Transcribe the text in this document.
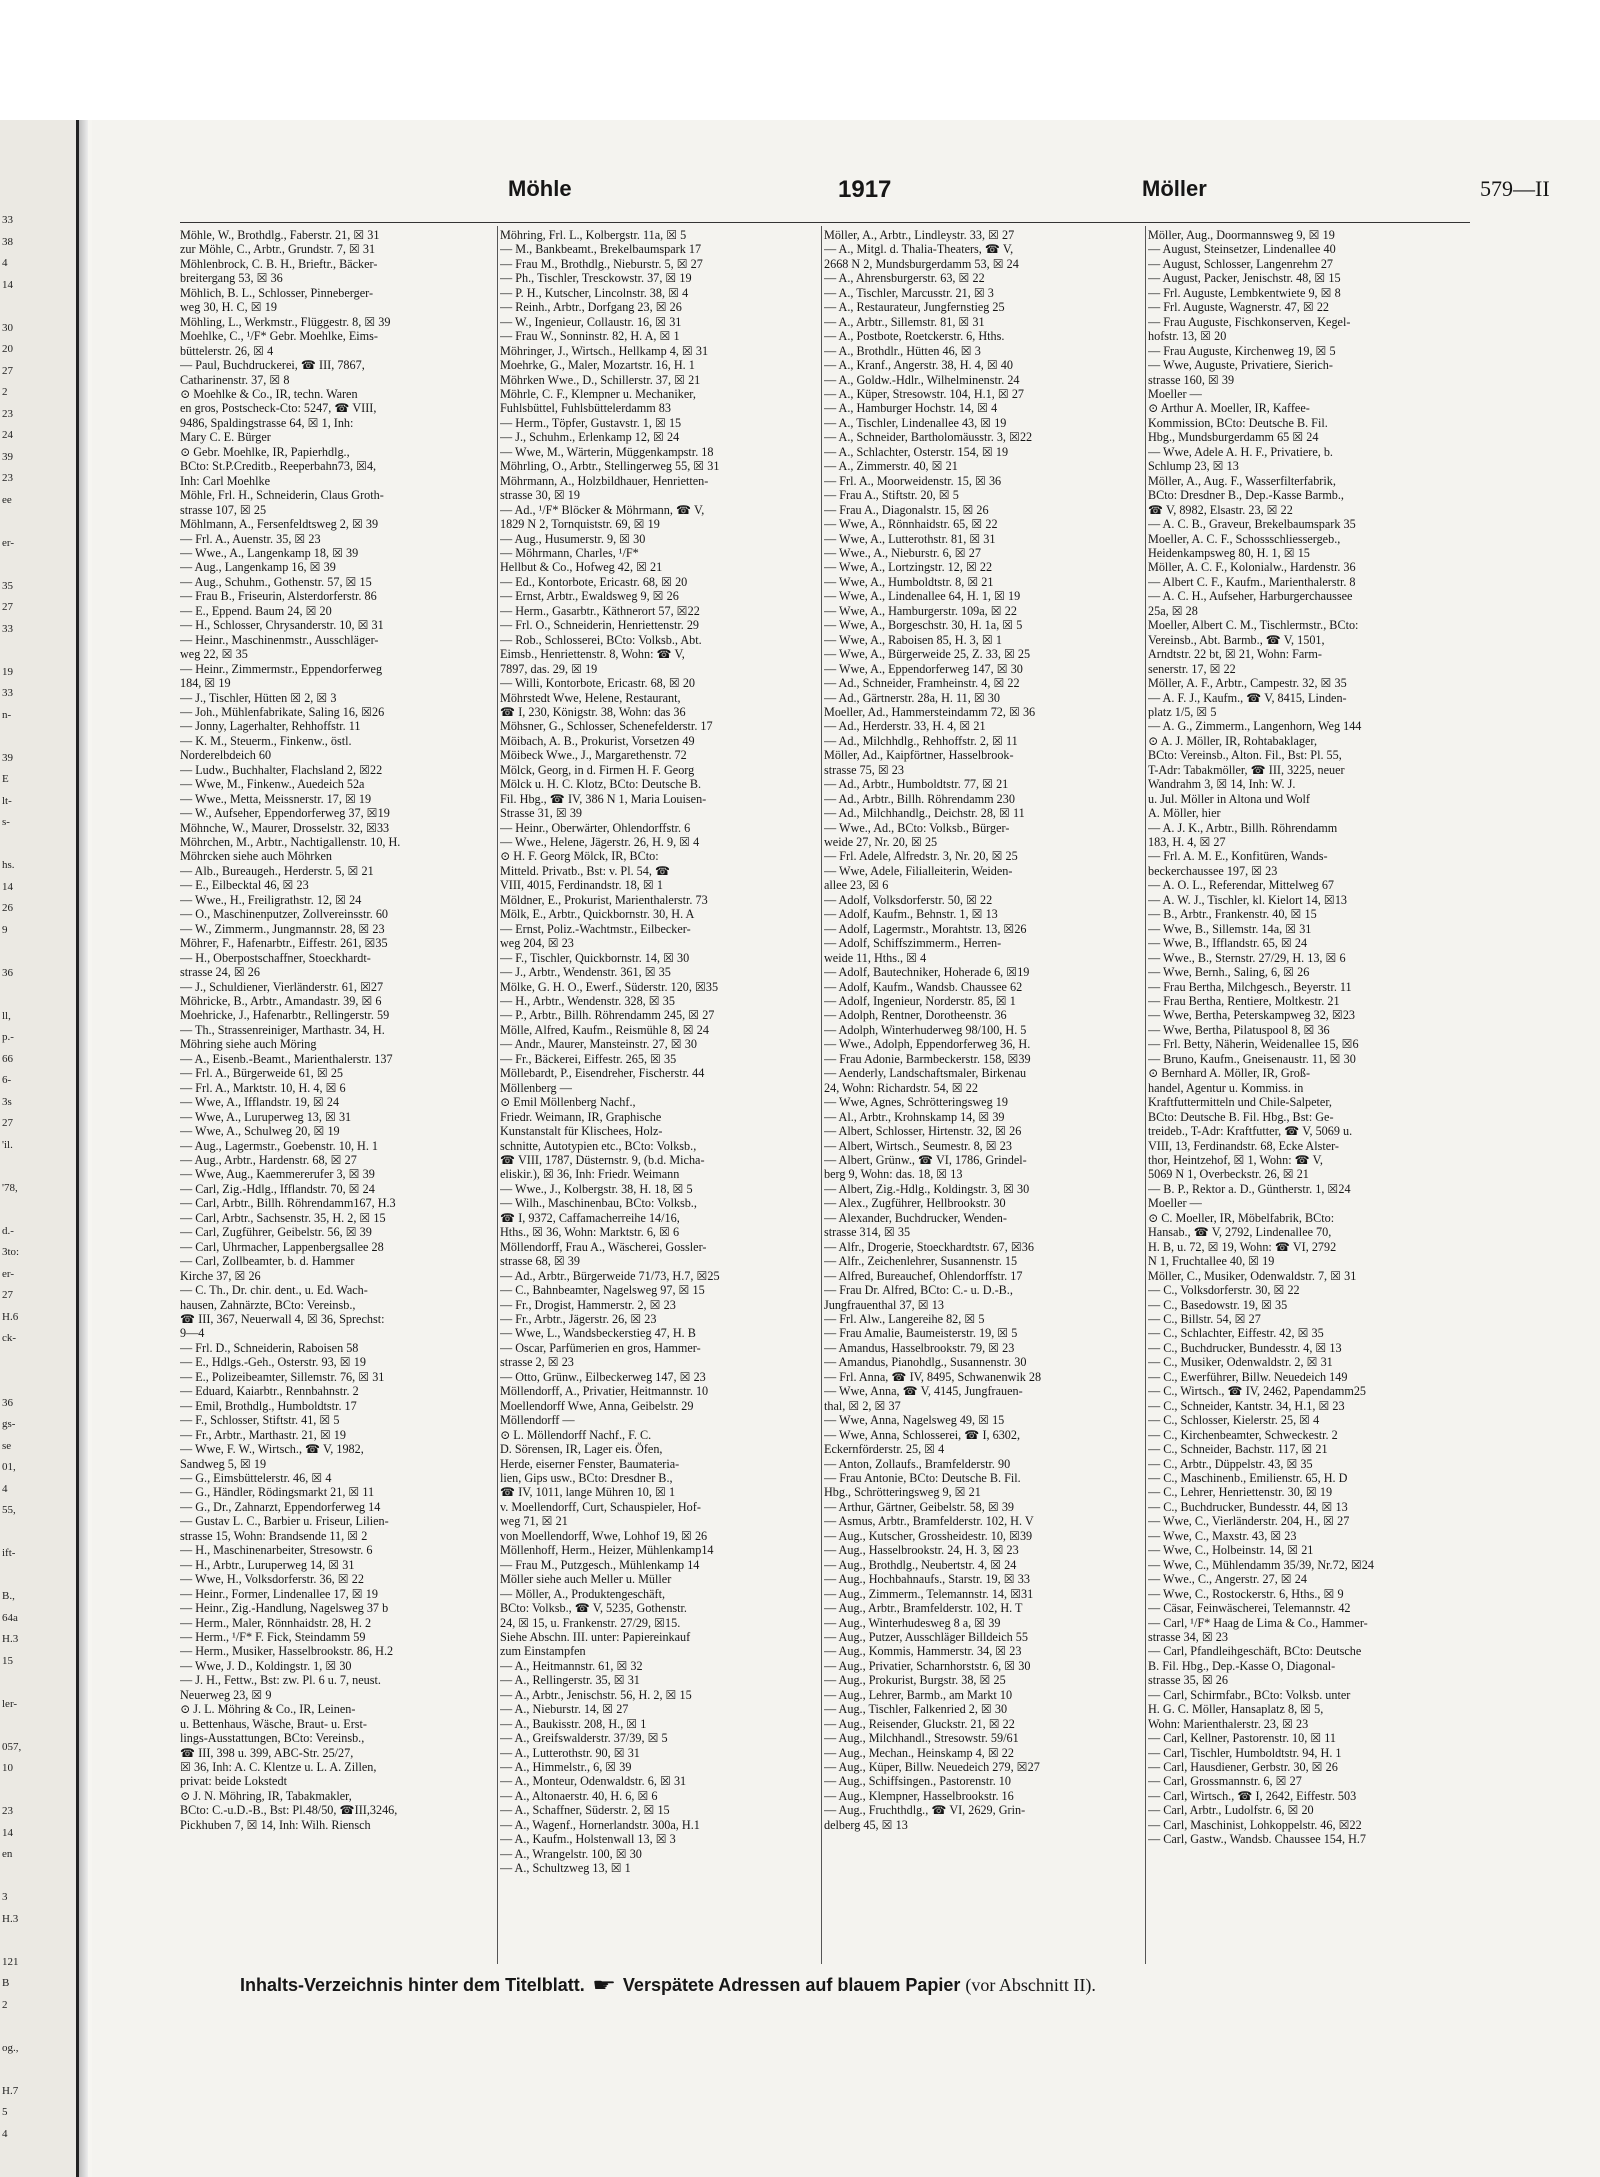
33
38
4
14

30
20
27
2
23
24
39
23
ee

er-

35
27
33

19
33
n-

39
E
lt-
s-

hs.
14
26
9

36

ll,
p.-
66
6-
3s
27
'il.

'78,

d.-
3to:
er-
27
H.6
ck-

36
gs-
se
01,
4
55,

ift-

B.,
64a
H.3
15

ler-

057,
10

23
14
en

3
H.3

121
B
2

og.,

H.7
5
4
Möhle	1917	Möller	579—II
Möhle, W., Brothdlg., Faberstr. 21, ☒ 31
zur Möhle, C., Arbtr., Grundstr. 7, ☒ 31
Möhlenbrock, C. B. H., Brieftr., Bäcker-
breitergang 53, ☒ 36
Möhlich, B. L., Schlosser, Pinneberger-
weg 30, H. C, ☒ 19
Möhling, L., Werkmstr., Flüggestr. 8, ☒ 39
Moehlke, C., ¹/F* Gebr. Moehlke, Eims-
büttelerstr. 26, ☒ 4
— Paul, Buchdruckerei, ☎ III, 7867,
Catharinenstr. 37, ☒ 8
⊙ Moehlke & Co., IR, techn. Waren
en gros, Postscheck-Cto: 5247, ☎ VIII,
9486, Spaldingstrasse 64, ☒ 1, Inh:
Mary C. E. Bürger
⊙ Gebr. Moehlke, IR, Papierhdlg.,
BCto: St.P.Creditb., Reeperbahn73, ☒4,
Inh: Carl Moehlke
Möhle, Frl. H., Schneiderin, Claus Groth-
strasse 107, ☒ 25
Möhlmann, A., Fersenfeldtsweg 2, ☒ 39
— Frl. A., Auenstr. 35, ☒ 23
— Wwe., A., Langenkamp 18, ☒ 39
— Aug., Langenkamp 16, ☒ 39
— Aug., Schuhm., Gothenstr. 57, ☒ 15
— Frau B., Friseurin, Alsterdorferstr. 86
— E., Eppend. Baum 24, ☒ 20
— H., Schlosser, Chrysanderstr. 10, ☒ 31
— Heinr., Maschinenmstr., Ausschläger-
weg 22, ☒ 35
— Heinr., Zimmermstr., Eppendorferweg
184, ☒ 19
— J., Tischler, Hütten ☒ 2, ☒ 3
— Joh., Mühlenfabrikate, Saling 16, ☒26
— Jonny, Lagerhalter, Rehhoffstr. 11
— K. M., Steuerm., Finkenw., östl.
Norderelbdeich 60
— Ludw., Buchhalter, Flachsland 2, ☒22
— Wwe, M., Finkenw., Auedeich 52a
— Wwe., Metta, Meissnerstr. 17, ☒ 19
— W., Aufseher, Eppendorferweg 37, ☒19
Möhnche, W., Maurer, Drosselstr. 32, ☒33
Möhrchen, M., Arbtr., Nachtigallenstr. 10, H.
Möhrcken siehe auch Möhrken
— Alb., Bureaugeh., Herderstr. 5, ☒ 21
— E., Eilbecktal 46, ☒ 23
— Wwe., H., Freiligrathstr. 12, ☒ 24
— O., Maschinenputzer, Zollvereinsstr. 60
— W., Zimmerm., Jungmannstr. 28, ☒ 23
Möhrer, F., Hafenarbtr., Eiffestr. 261, ☒35
— H., Oberpostschaffner, Stoeckhardt-
strasse 24, ☒ 26
— J., Schuldiener, Vierländerstr. 61, ☒27
Möhricke, B., Arbtr., Amandastr. 39, ☒ 6
Moehricke, J., Hafenarbtr., Rellingerstr. 59
— Th., Strassenreiniger, Marthastr. 34, H.
Möhring siehe auch Möring
— A., Eisenb.-Beamt., Marienthalerstr. 137
— Frl. A., Bürgerweide 61, ☒ 25
— Frl. A., Marktstr. 10, H. 4, ☒ 6
— Wwe, A., Ifflandstr. 19, ☒ 24
— Wwe, A., Luruperweg 13, ☒ 31
— Wwe, A., Schulweg 20, ☒ 19
— Aug., Lagermstr., Goebenstr. 10, H. 1
— Aug., Arbtr., Hardenstr. 68, ☒ 27
— Wwe, Aug., Kaemmererufer 3, ☒ 39
— Carl, Zig.-Hdlg., Ifflandstr. 70, ☒ 24
— Carl, Arbtr., Billh. Röhrendamm167, H.3
— Carl, Arbtr., Sachsenstr. 35, H. 2, ☒ 15
— Carl, Zugführer, Geibelstr. 56, ☒ 39
— Carl, Uhrmacher, Lappenbergsallee 28
— Carl, Zollbeamter, b. d. Hammer
Kirche 37, ☒ 26
— C. Th., Dr. chir. dent., u. Ed. Wach-
hausen, Zahnärzte, BCto: Vereinsb.,
☎ III, 367, Neuerwall 4, ☒ 36, Sprechst:
9—4
— Frl. D., Schneiderin, Raboisen 58
— E., Hdlgs.-Geh., Osterstr. 93, ☒ 19
— E., Polizeibeamter, Sillemstr. 76, ☒ 31
— Eduard, Kaiarbtr., Rennbahnstr. 2
— Emil, Brothdlg., Humboldtstr. 17
— F., Schlosser, Stiftstr. 41, ☒ 5
— Fr., Arbtr., Marthastr. 21, ☒ 19
— Wwe, F. W., Wirtsch., ☎ V, 1982,
Sandweg 5, ☒ 19
— G., Eimsbüttelerstr. 46, ☒ 4
— G., Händler, Rödingsmarkt 21, ☒ 11
— G., Dr., Zahnarzt, Eppendorferweg 14
— Gustav L. C., Barbier u. Friseur, Lilien-
strasse 15, Wohn: Brandsende 11, ☒ 2
— H., Maschinenarbeiter, Stresowstr. 6
— H., Arbtr., Luruperweg 14, ☒ 31
— Wwe, H., Volksdorferstr. 36, ☒ 22
— Heinr., Former, Lindenallee 17, ☒ 19
— Heinr., Zig.-Handlung, Nagelsweg 37 b
— Herm., Maler, Rönnhaidstr. 28, H. 2
— Herm., ¹/F* F. Fick, Steindamm 59
— Herm., Musiker, Hasselbrookstr. 86, H.2
— Wwe, J. D., Koldingstr. 1, ☒ 30
— J. H., Fettw., Bst: zw. Pl. 6 u. 7, neust.
Neuerweg 23, ☒ 9
⊙ J. L. Möhring & Co., IR, Leinen-
u. Bettenhaus, Wäsche, Braut- u. Erst-
lings-Ausstattungen, BCto: Vereinsb.,
☎ III, 398 u. 399, ABC-Str. 25/27,
☒ 36, Inh: A. C. Klentze u. L. A. Zillen,
privat: beide Lokstedt
⊙ J. N. Möhring, IR, Tabakmakler,
BCto: C.-u.D.-B., Bst: Pl.48/50, ☎III,3246,
Pickhuben 7, ☒ 14, Inh: Wilh. Riensch
Möhring, Frl. L., Kolbergstr. 11a, ☒ 5
— M., Bankbeamt., Brekelbaumspark 17
— Frau M., Brothdlg., Nieburstr. 5, ☒ 27
— Ph., Tischler, Tresckowstr. 37, ☒ 19
— P. H., Kutscher, Lincolnstr. 38, ☒ 4
— Reinh., Arbtr., Dorfgang 23, ☒ 26
— W., Ingenieur, Collaustr. 16, ☒ 31
— Frau W., Sonninstr. 82, H. A, ☒ 1
Möhringer, J., Wirtsch., Hellkamp 4, ☒ 31
Moehrke, G., Maler, Mozartstr. 16, H. 1
Möhrken Wwe., D., Schillerstr. 37, ☒ 21
Möhrle, C. F., Klempner u. Mechaniker,
Fuhlsbüttel, Fuhlsbüttelerdamm 83
— Herm., Töpfer, Gustavstr. 1, ☒ 15
— J., Schuhm., Erlenkamp 12, ☒ 24
— Wwe, M., Wärterin, Müggenkampstr. 18
Möhrling, O., Arbtr., Stellingerweg 55, ☒ 31
Möhrmann, A., Holzbildhauer, Henrietten-
strasse 30, ☒ 19
— Ad., ¹/F* Blöcker & Möhrmann, ☎ V,
1829 N 2, Tornquiststr. 69, ☒ 19
— Aug., Husumerstr. 9, ☒ 30
— Möhrmann, Charles, ¹/F*
Hellbut & Co., Hofweg 42, ☒ 21
— Ed., Kontorbote, Ericastr. 68, ☒ 20
— Ernst, Arbtr., Ewaldsweg 9, ☒ 26
— Herm., Gasarbtr., Käthnerort 57, ☒22
— Frl. O., Schneiderin, Henriettenstr. 29
— Rob., Schlosserei, BCto: Volksb., Abt.
Eimsb., Henriettenstr. 8, Wohn: ☎ V,
7897, das. 29, ☒ 19
— Willi, Kontorbote, Ericastr. 68, ☒ 20
Möhrstedt Wwe, Helene, Restaurant,
☎ I, 230, Königstr. 38, Wohn: das 36
Möhsner, G., Schlosser, Schenefelderstr. 17
Möibach, A. B., Prokurist, Vorsetzen 49
Möibeck Wwe., J., Margarethenstr. 72
Mölck, Georg, in d. Firmen H. F. Georg
Mölck u. H. C. Klotz, BCto: Deutsche B.
Fil. Hbg., ☎ IV, 386 N 1, Maria Louisen-
Strasse 31, ☒ 39
— Heinr., Oberwärter, Ohlendorffstr. 6
— Wwe., Helene, Jägerstr. 26, H. 9, ☒ 4
⊙ H. F. Georg Mölck, IR, BCto:
Mitteld. Privatb., Bst: v. Pl. 54, ☎
VIII, 4015, Ferdinandstr. 18, ☒ 1
Möldner, E., Prokurist, Marienthalerstr. 73
Mölk, E., Arbtr., Quickbornstr. 30, H. A
— Ernst, Poliz.-Wachtmstr., Eilbecker-
weg 204, ☒ 23
— F., Tischler, Quickbornstr. 14, ☒ 30
— J., Arbtr., Wendenstr. 361, ☒ 35
Mölke, G. H. O., Ewerf., Süderstr. 120, ☒35
— H., Arbtr., Wendenstr. 328, ☒ 35
— P., Arbtr., Billh. Röhrendamm 245, ☒ 27
Mölle, Alfred, Kaufm., Reismühle 8, ☒ 24
— Andr., Maurer, Mansteinstr. 27, ☒ 30
— Fr., Bäckerei, Eiffestr. 265, ☒ 35
Möllebardt, P., Eisendreher, Fischerstr. 44
Möllenberg —
⊙ Emil Möllenberg Nachf.,
Friedr. Weimann, IR, Graphische
Kunstanstalt für Klischees, Holz-
schnitte, Autotypien etc., BCto: Volksb.,
☎ VIII, 1787, Düsternstr. 9, (b.d. Micha-
eliskir.), ☒ 36, Inh: Friedr. Weimann
— Wwe., J., Kolbergstr. 38, H. 18, ☒ 5
— Wilh., Maschinenbau, BCto: Volksb.,
☎ I, 9372, Caffamacherreihe 14/16,
Hths., ☒ 36, Wohn: Marktstr. 6, ☒ 6
Möllendorff, Frau A., Wäscherei, Gossler-
strasse 68, ☒ 39
— Ad., Arbtr., Bürgerweide 71/73, H.7, ☒25
— C., Bahnbeamter, Nagelsweg 97, ☒ 15
— Fr., Drogist, Hammerstr. 2, ☒ 23
— Fr., Arbtr., Jägerstr. 26, ☒ 23
— Wwe, L., Wandsbeckerstieg 47, H. B
— Oscar, Parfümerien en gros, Hammer-
strasse 2, ☒ 23
— Otto, Grünw., Eilbeckerweg 147, ☒ 23
Möllendorff, A., Privatier, Heitmannstr. 10
Moellendorff Wwe, Anna, Geibelstr. 29
Möllendorff —
⊙ L. Möllendorff Nachf., F. C.
D. Sörensen, IR, Lager eis. Öfen,
Herde, eiserner Fenster, Baumateria-
lien, Gips usw., BCto: Dresdner B.,
☎ IV, 1011, lange Mühren 10, ☒ 1
v. Moellendorff, Curt, Schauspieler, Hof-
weg 71, ☒ 21
von Moellendorff, Wwe, Lohhof 19, ☒ 26
Möllenhoff, Herm., Heizer, Mühlenkamp14
— Frau M., Putzgesch., Mühlenkamp 14
Möller siehe auch Meller u. Müller
— Möller, A., Produktengeschäft,
BCto: Volksb., ☎ V, 5235, Gothenstr.
24, ☒ 15, u. Frankenstr. 27/29, ☒15.
Siehe Abschn. III. unter: Papiereinkauf
zum Einstampfen
— A., Heitmannstr. 61, ☒ 32
— A., Rellingerstr. 35, ☒ 31
— A., Arbtr., Jenischstr. 56, H. 2, ☒ 15
— A., Nieburstr. 14, ☒ 27
— A., Baukisstr. 208, H., ☒ 1
— A., Greifswalderstr. 37/39, ☒ 5
— A., Lutterothstr. 90, ☒ 31
— A., Himmelstr., 6, ☒ 39
— A., Monteur, Odenwaldstr. 6, ☒ 31
— A., Altonaerstr. 40, H. 6, ☒ 6
— A., Schaffner, Süderstr. 2, ☒ 15
— A., Wagenf., Hornerlandstr. 300a, H.1
— A., Kaufm., Holstenwall 13, ☒ 3
— A., Wrangelstr. 100, ☒ 30
— A., Schultzweg 13, ☒ 1
Möller, A., Arbtr., Lindleystr. 33, ☒ 27
— A., Mitgl. d. Thalia-Theaters, ☎ V,
2668 N 2, Mundsburgerdamm 53, ☒ 24
— A., Ahrensburgerstr. 63, ☒ 22
— A., Tischler, Marcusstr. 21, ☒ 3
— A., Restaurateur, Jungfernstieg 25
— A., Arbtr., Sillemstr. 81, ☒ 31
— A., Postbote, Roetckerstr. 6, Hths.
— A., Brothdlr., Hütten 46, ☒ 3
— A., Kranf., Angerstr. 38, H. 4, ☒ 40
— A., Goldw.-Hdlr., Wilhelminenstr. 24
— A., Küper, Stresowstr. 104, H.1, ☒ 27
— A., Hamburger Hochstr. 14, ☒ 4
— A., Tischler, Lindenallee 43, ☒ 19
— A., Schneider, Bartholomäusstr. 3, ☒22
— A., Schlachter, Osterstr. 154, ☒ 19
— A., Zimmerstr. 40, ☒ 21
— Frl. A., Moorweidenstr. 15, ☒ 36
— Frau A., Stiftstr. 20, ☒ 5
— Frau A., Diagonalstr. 15, ☒ 26
— Wwe, A., Rönnhaidstr. 65, ☒ 22
— Wwe, A., Lutterothstr. 81, ☒ 31
— Wwe., A., Nieburstr. 6, ☒ 27
— Wwe, A., Lortzingstr. 12, ☒ 22
— Wwe, A., Humboldtstr. 8, ☒ 21
— Wwe, A., Lindenallee 64, H. 1, ☒ 19
— Wwe, A., Hamburgerstr. 109a, ☒ 22
— Wwe, A., Borgeschstr. 30, H. 1a, ☒ 5
— Wwe, A., Raboisen 85, H. 3, ☒ 1
— Wwe, A., Bürgerweide 25, Z. 33, ☒ 25
— Wwe, A., Eppendorferweg 147, ☒ 30
— Ad., Schneider, Framheinstr. 4, ☒ 22
— Ad., Gärtnerstr. 28a, H. 11, ☒ 30
Moeller, Ad., Hammersteindamm 72, ☒ 36
— Ad., Herderstr. 33, H. 4, ☒ 21
— Ad., Milchhdlg., Rehhoffstr. 2, ☒ 11
Möller, Ad., Kaipförtner, Hasselbrook-
strasse 75, ☒ 23
— Ad., Arbtr., Humboldtstr. 77, ☒ 21
— Ad., Arbtr., Billh. Röhrendamm 230
— Ad., Milchhandlg., Deichstr. 28, ☒ 11
— Wwe., Ad., BCto: Volksb., Bürger-
weide 27, Nr. 20, ☒ 25
— Frl. Adele, Alfredstr. 3, Nr. 20, ☒ 25
— Wwe, Adele, Filialleiterin, Weiden-
allee 23, ☒ 6
— Adolf, Volksdorferstr. 50, ☒ 22
— Adolf, Kaufm., Behnstr. 1, ☒ 13
— Adolf, Lagermstr., Morahtstr. 13, ☒26
— Adolf, Schiffszimmerm., Herren-
weide 11, Hths., ☒ 4
— Adolf, Bautechniker, Hoherade 6, ☒19
— Adolf, Kaufm., Wandsb. Chaussee 62
— Adolf, Ingenieur, Norderstr. 85, ☒ 1
— Adolph, Rentner, Dorotheenstr. 36
— Adolph, Winterhuderweg 98/100, H. 5
— Wwe., Adolph, Eppendorferweg 36, H.
— Frau Adonie, Barmbeckerstr. 158, ☒39
— Aenderly, Landschaftsmaler, Birkenau
24, Wohn: Richardstr. 54, ☒ 22
— Wwe, Agnes, Schrötteringsweg 19
— Al., Arbtr., Krohnskamp 14, ☒ 39
— Albert, Schlosser, Hirtenstr. 32, ☒ 26
— Albert, Wirtsch., Seumestr. 8, ☒ 23
— Albert, Grünw., ☎ VI, 1786, Grindel-
berg 9, Wohn: das. 18, ☒ 13
— Albert, Zig.-Hdlg., Koldingstr. 3, ☒ 30
— Alex., Zugführer, Hellbrookstr. 30
— Alexander, Buchdrucker, Wenden-
strasse 314, ☒ 35
— Alfr., Drogerie, Stoeckhardtstr. 67, ☒36
— Alfr., Zeichenlehrer, Susannenstr. 15
— Alfred, Bureauchef, Ohlendorffstr. 17
— Frau Dr. Alfred, BCto: C.- u. D.-B.,
Jungfrauenthal 37, ☒ 13
— Frl. Alw., Langereihe 82, ☒ 5
— Frau Amalie, Baumeisterstr. 19, ☒ 5
— Amandus, Hasselbrookstr. 79, ☒ 23
— Amandus, Pianohdlg., Susannenstr. 30
— Frl. Anna, ☎ IV, 8495, Schwanenwik 28
— Wwe, Anna, ☎ V, 4145, Jungfrauen-
thal, ☒ 2, ☒ 37
— Wwe, Anna, Nagelsweg 49, ☒ 15
— Wwe, Anna, Schlosserei, ☎ I, 6302,
Eckernförderstr. 25, ☒ 4
— Anton, Zollaufs., Bramfelderstr. 90
— Frau Antonie, BCto: Deutsche B. Fil.
Hbg., Schrötteringsweg 9, ☒ 21
— Arthur, Gärtner, Geibelstr. 58, ☒ 39
— Asmus, Arbtr., Bramfelderstr. 102, H. V
— Aug., Kutscher, Grossheidestr. 10, ☒39
— Aug., Hasselbrookstr. 24, H. 3, ☒ 23
— Aug., Brothdlg., Neubertstr. 4, ☒ 24
— Aug., Hochbahnaufs., Starstr. 19, ☒ 33
— Aug., Zimmerm., Telemannstr. 14, ☒31
— Aug., Arbtr., Bramfelderstr. 102, H. T
— Aug., Winterhudesweg 8 a, ☒ 39
— Aug., Putzer, Ausschläger Billdeich 55
— Aug., Kommis, Hammerstr. 34, ☒ 23
— Aug., Privatier, Scharnhorststr. 6, ☒ 30
— Aug., Prokurist, Burgstr. 38, ☒ 25
— Aug., Lehrer, Barmb., am Markt 10
— Aug., Tischler, Falkenried 2, ☒ 30
— Aug., Reisender, Gluckstr. 21, ☒ 22
— Aug., Milchhandl., Stresowstr. 59/61
— Aug., Mechan., Heinskamp 4, ☒ 22
— Aug., Küper, Billw. Neuedeich 279, ☒27
— Aug., Schiffsingen., Pastorenstr. 10
— Aug., Klempner, Hasselbrookstr. 16
— Aug., Fruchthdlg., ☎ VI, 2629, Grin-
delberg 45, ☒ 13
Möller, Aug., Doormannsweg 9, ☒ 19
— August, Steinsetzer, Lindenallee 40
— August, Schlosser, Langenrehm 27
— August, Packer, Jenischstr. 48, ☒ 15
— Frl. Auguste, Lembkentwiete 9, ☒ 8
— Frl. Auguste, Wagnerstr. 47, ☒ 22
— Frau Auguste, Fischkonserven, Kegel-
hofstr. 13, ☒ 20
— Frau Auguste, Kirchenweg 19, ☒ 5
— Wwe, Auguste, Privatiere, Sierich-
strasse 160, ☒ 39
Moeller —
⊙ Arthur A. Moeller, IR, Kaffee-
Kommission, BCto: Deutsche B. Fil.
Hbg., Mundsburgerdamm 65 ☒ 24
— Wwe, Adele A. H. F., Privatiere, b.
Schlump 23, ☒ 13
Möller, A., Aug. F., Wasserfilterfabrik,
BCto: Dresdner B., Dep.-Kasse Barmb.,
☎ V, 8982, Elsastr. 23, ☒ 22
— A. C. B., Graveur, Brekelbaumspark 35
Moeller, A. C. F., Schossschliessergeb.,
Heidenkampsweg 80, H. 1, ☒ 15
Möller, A. C. F., Kolonialw., Hardenstr. 36
— Albert C. F., Kaufm., Marienthalerstr. 8
— A. C. H., Aufseher, Harburgerchaussee
25a, ☒ 28
Moeller, Albert C. M., Tischlermstr., BCto:
Vereinsb., Abt. Barmb., ☎ V, 1501,
Arndtstr. 22 bt, ☒ 21, Wohn: Farm-
senerstr. 17, ☒ 22
Möller, A. F., Arbtr., Campestr. 32, ☒ 35
— A. F. J., Kaufm., ☎ V, 8415, Linden-
platz 1/5, ☒ 5
— A. G., Zimmerm., Langenhorn, Weg 144
⊙ A. J. Möller, IR, Rohtabaklager,
BCto: Vereinsb., Alton. Fil., Bst: Pl. 55,
T-Adr: Tabakmöller, ☎ III, 3225, neuer
Wandrahm 3, ☒ 14, Inh: W. J.
u. Jul. Möller in Altona und Wolf
A. Möller, hier
— A. J. K., Arbtr., Billh. Röhrendamm
183, H. 4, ☒ 27
— Frl. A. M. E., Konfitüren, Wands-
beckerchaussee 197, ☒ 23
— A. O. L., Referendar, Mittelweg 67
— A. W. J., Tischler, kl. Kielort 14, ☒13
— B., Arbtr., Frankenstr. 40, ☒ 15
— Wwe, B., Sillemstr. 14a, ☒ 31
— Wwe, B., Ifflandstr. 65, ☒ 24
— Wwe., B., Sternstr. 27/29, H. 13, ☒ 6
— Wwe, Bernh., Saling, 6, ☒ 26
— Frau Bertha, Milchgesch., Beyerstr. 11
— Frau Bertha, Rentiere, Moltkestr. 21
— Wwe, Bertha, Peterskampweg 32, ☒23
— Wwe, Bertha, Pilatuspool 8, ☒ 36
— Frl. Betty, Näherin, Weidenallee 15, ☒6
— Bruno, Kaufm., Gneisenaustr. 11, ☒ 30
⊙ Bernhard A. Möller, IR, Groß-
handel, Agentur u. Kommiss. in
Kraftfuttermitteln und Chile-Salpeter,
BCto: Deutsche B. Fil. Hbg., Bst: Ge-
treideb., T-Adr: Kraftfutter, ☎ V, 5069 u.
VIII, 13, Ferdinandstr. 68, Ecke Alster-
thor, Heintzehof, ☒ 1, Wohn: ☎ V,
5069 N 1, Overbeckstr. 26, ☒ 21
— B. P., Rektor a. D., Güntherstr. 1, ☒24
Moeller —
⊙ C. Moeller, IR, Möbelfabrik, BCto:
Hansab., ☎ V, 2792, Lindenallee 70,
H. B, u. 72, ☒ 19, Wohn: ☎ VI, 2792
N 1, Fruchtallee 40, ☒ 19
Möller, C., Musiker, Odenwaldstr. 7, ☒ 31
— C., Volksdorferstr. 30, ☒ 22
— C., Basedowstr. 19, ☒ 35
— C., Billstr. 54, ☒ 27
— C., Schlachter, Eiffestr. 42, ☒ 35
— C., Buchdrucker, Bundesstr. 4, ☒ 13
— C., Musiker, Odenwaldstr. 2, ☒ 31
— C., Ewerführer, Billw. Neuedeich 149
— C., Wirtsch., ☎ IV, 2462, Papendamm25
— C., Schneider, Kantstr. 34, H.1, ☒ 23
— C., Schlosser, Kielerstr. 25, ☒ 4
— C., Kirchenbeamter, Schweckestr. 2
— C., Schneider, Bachstr. 117, ☒ 21
— C., Arbtr., Düppelstr. 43, ☒ 35
— C., Maschinenb., Emilienstr. 65, H. D
— C., Lehrer, Henriettenstr. 30, ☒ 19
— C., Buchdrucker, Bundesstr. 44, ☒ 13
— Wwe, C., Vierländerstr. 204, H., ☒ 27
— Wwe, C., Maxstr. 43, ☒ 23
— Wwe, C., Holbeinstr. 14, ☒ 21
— Wwe, C., Mühlendamm 35/39, Nr.72, ☒24
— Wwe., C., Angerstr. 27, ☒ 24
— Wwe, C., Rostockerstr. 6, Hths., ☒ 9
— Cäsar, Feinwäscherei, Telemannstr. 42
— Carl, ¹/F* Haag de Lima & Co., Hammer-
strasse 34, ☒ 23
— Carl, Pfandleihgeschäft, BCto: Deutsche
B. Fil. Hbg., Dep.-Kasse O, Diagonal-
strasse 35, ☒ 26
— Carl, Schirmfabr., BCto: Volksb. unter
H. G. C. Möller, Hansaplatz 8, ☒ 5,
Wohn: Marienthalerstr. 23, ☒ 23
— Carl, Kellner, Pastorenstr. 10, ☒ 11
— Carl, Tischler, Humboldtstr. 94, H. 1
— Carl, Hausdiener, Gerbstr. 30, ☒ 26
— Carl, Grossmannstr. 6, ☒ 27
— Carl, Wirtsch., ☎ I, 2642, Eiffestr. 503
— Carl, Arbtr., Ludolfstr. 6, ☒ 20
— Carl, Maschinist, Lohkoppelstr. 46, ☒22
— Carl, Gastw., Wandsb. Chaussee 154, H.7
Inhalts-Verzeichnis hinter dem Titelblatt. ☛ Verspätete Adressen auf blauem Papier (vor Abschnitt II).
